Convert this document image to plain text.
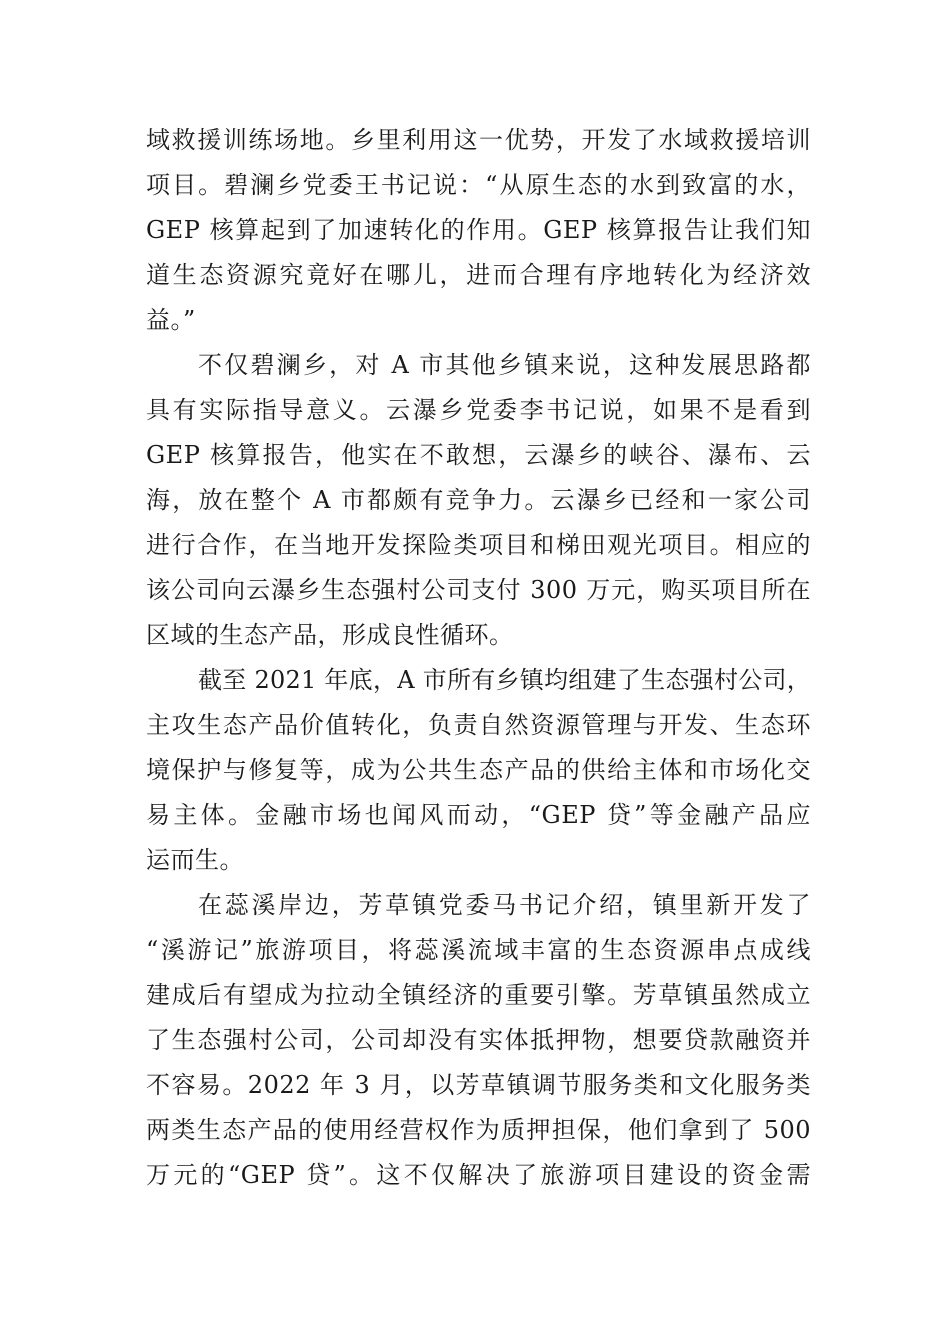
域救援训练场地。乡里利用这一优势，开发了水域救援培训
项目。碧澜乡党委王书记说：“从原生态的水到致富的水，
GEP 核算起到了加速转化的作用。GEP 核算报告让我们知
道生态资源究竟好在哪儿，进而合理有序地转化为经济效
益。”
不仅碧澜乡，对 A 市其他乡镇来说，这种发展思路都
具有实际指导意义。云瀑乡党委李书记说，如果不是看到
GEP 核算报告，他实在不敢想，云瀑乡的峡谷、瀑布、云
海，放在整个 A 市都颇有竞争力。云瀑乡已经和一家公司
进行合作，在当地开发探险类项目和梯田观光项目。相应的
该公司向云瀑乡生态强村公司支付 300 万元，购买项目所在
区域的生态产品，形成良性循环。
截至 2021 年底，A 市所有乡镇均组建了生态强村公司，
主攻生态产品价值转化，负责自然资源管理与开发、生态环
境保护与修复等，成为公共生态产品的供给主体和市场化交
易主体。金融市场也闻风而动，“GEP 贷”等金融产品应
运而生。
在蕊溪岸边，芳草镇党委马书记介绍，镇里新开发了
“溪游记”旅游项目，将蕊溪流域丰富的生态资源串点成线
建成后有望成为拉动全镇经济的重要引擎。芳草镇虽然成立
了生态强村公司，公司却没有实体抵押物，想要贷款融资并
不容易。2022 年 3 月，以芳草镇调节服务类和文化服务类
两类生态产品的使用经营权作为质押担保，他们拿到了 500
万元的“GEP 贷”。这不仅解决了旅游项目建设的资金需
